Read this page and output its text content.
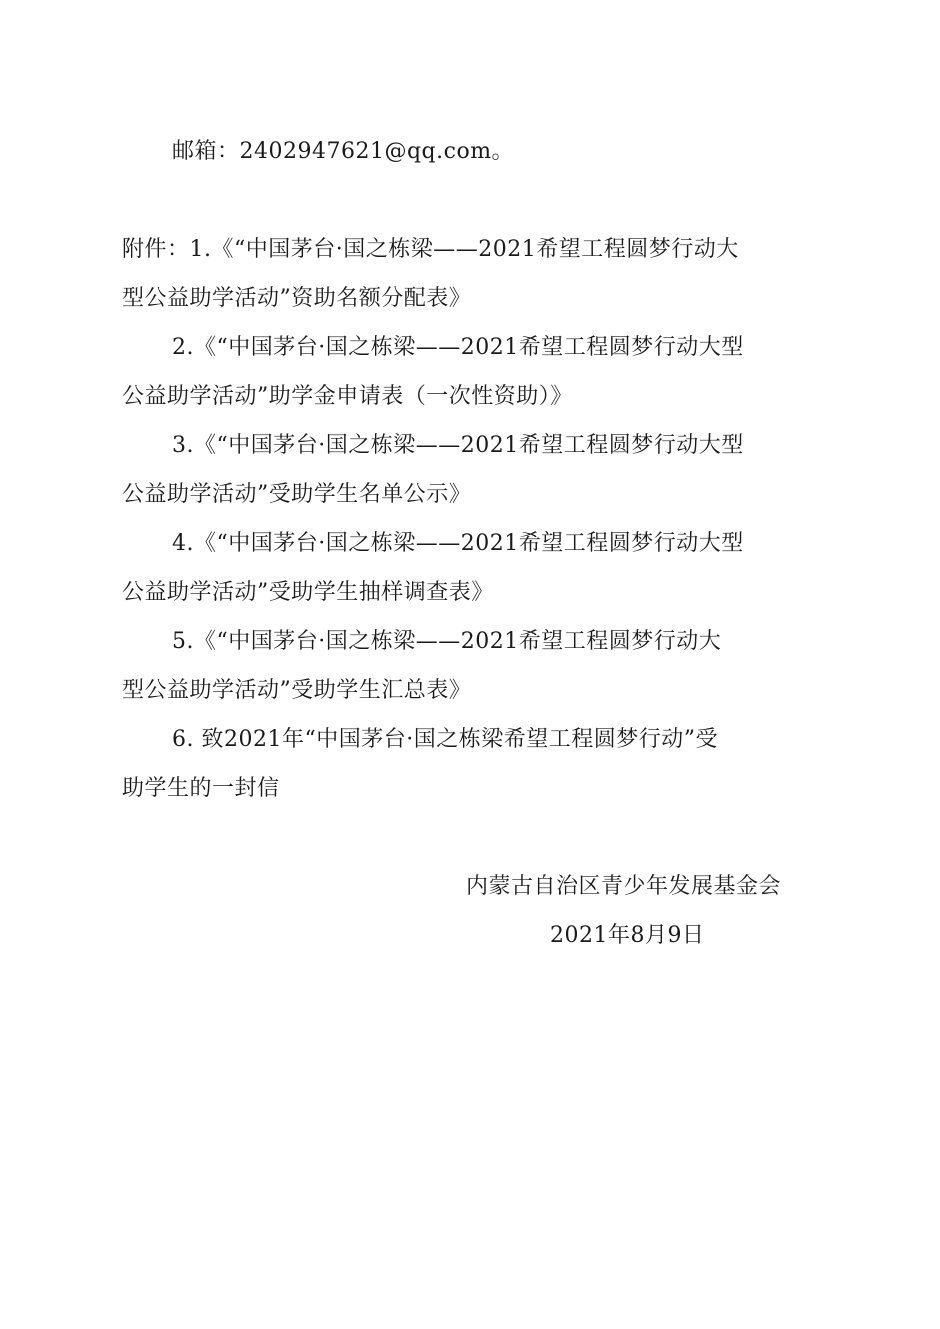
邮箱：2402947621@qq.com。
附件：1.《“中国茅台·国之栋梁——2021希望工程圆梦行动大
型公益助学活动”资助名额分配表》
2.《“中国茅台·国之栋梁——2021希望工程圆梦行动大型
公益助学活动”助学金申请表（一次性资助）》
3.《“中国茅台·国之栋梁——2021希望工程圆梦行动大型
公益助学活动”受助学生名单公示》
4.《“中国茅台·国之栋梁——2021希望工程圆梦行动大型
公益助学活动”受助学生抽样调查表》
5.《“中国茅台·国之栋梁——2021希望工程圆梦行动大
型公益助学活动”受助学生汇总表》
6. 致2021年“中国茅台·国之栋梁希望工程圆梦行动”受
助学生的一封信
内蒙古自治区青少年发展基金会
2021年8月9日
